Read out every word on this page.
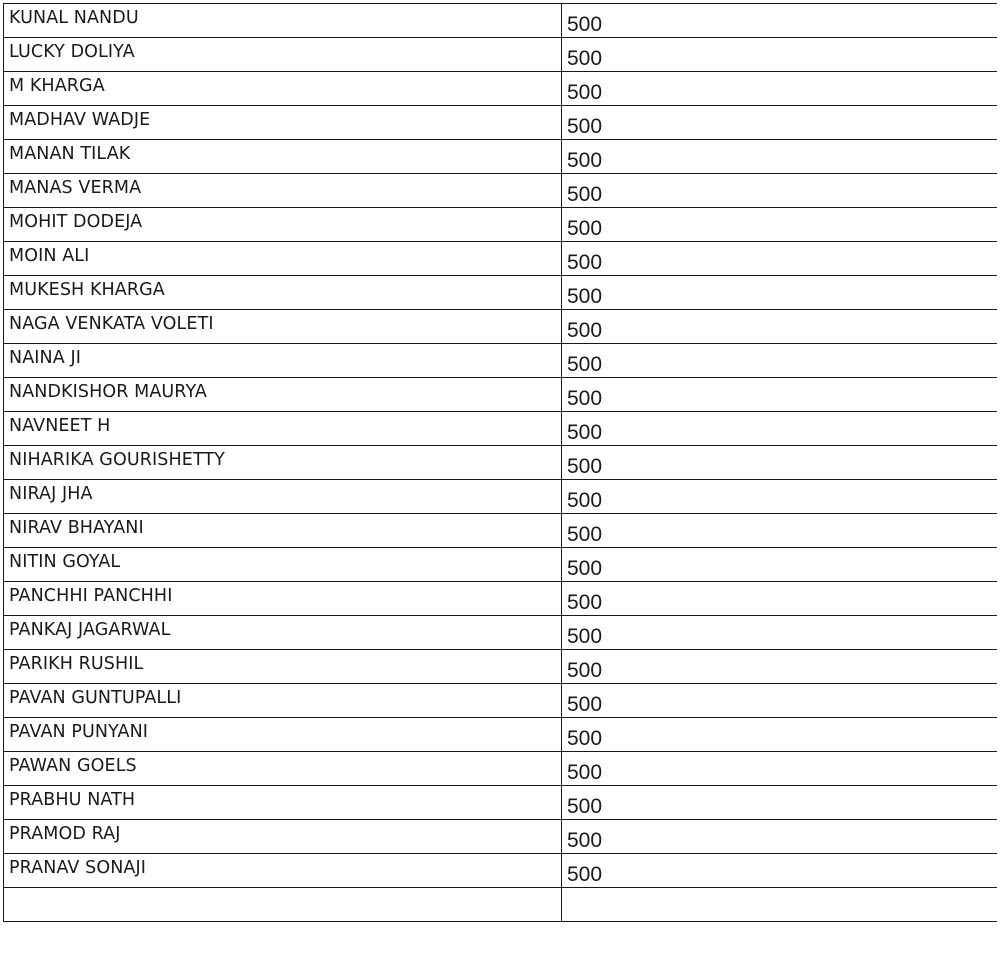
KUNAL NANDU	500
LUCKY DOLIYA	500
M KHARGA	500
MADHAV WADJE	500
MANAN TILAK	500
MANAS VERMA	500
MOHIT DODEJA	500
MOIN ALI	500
MUKESH KHARGA	500
NAGA VENKATA VOLETI	500
NAINA JI	500
NANDKISHOR MAURYA	500
NAVNEET H	500
NIHARIKA GOURISHETTY	500
NIRAJ JHA	500
NIRAV BHAYANI	500
NITIN GOYAL	500
PANCHHI PANCHHI	500
PANKAJ JAGARWAL	500
PARIKH RUSHIL	500
PAVAN GUNTUPALLI	500
PAVAN PUNYANI	500
PAWAN GOELS	500
PRABHU NATH	500
PRAMOD RAJ	500
PRANAV SONAJI	500
